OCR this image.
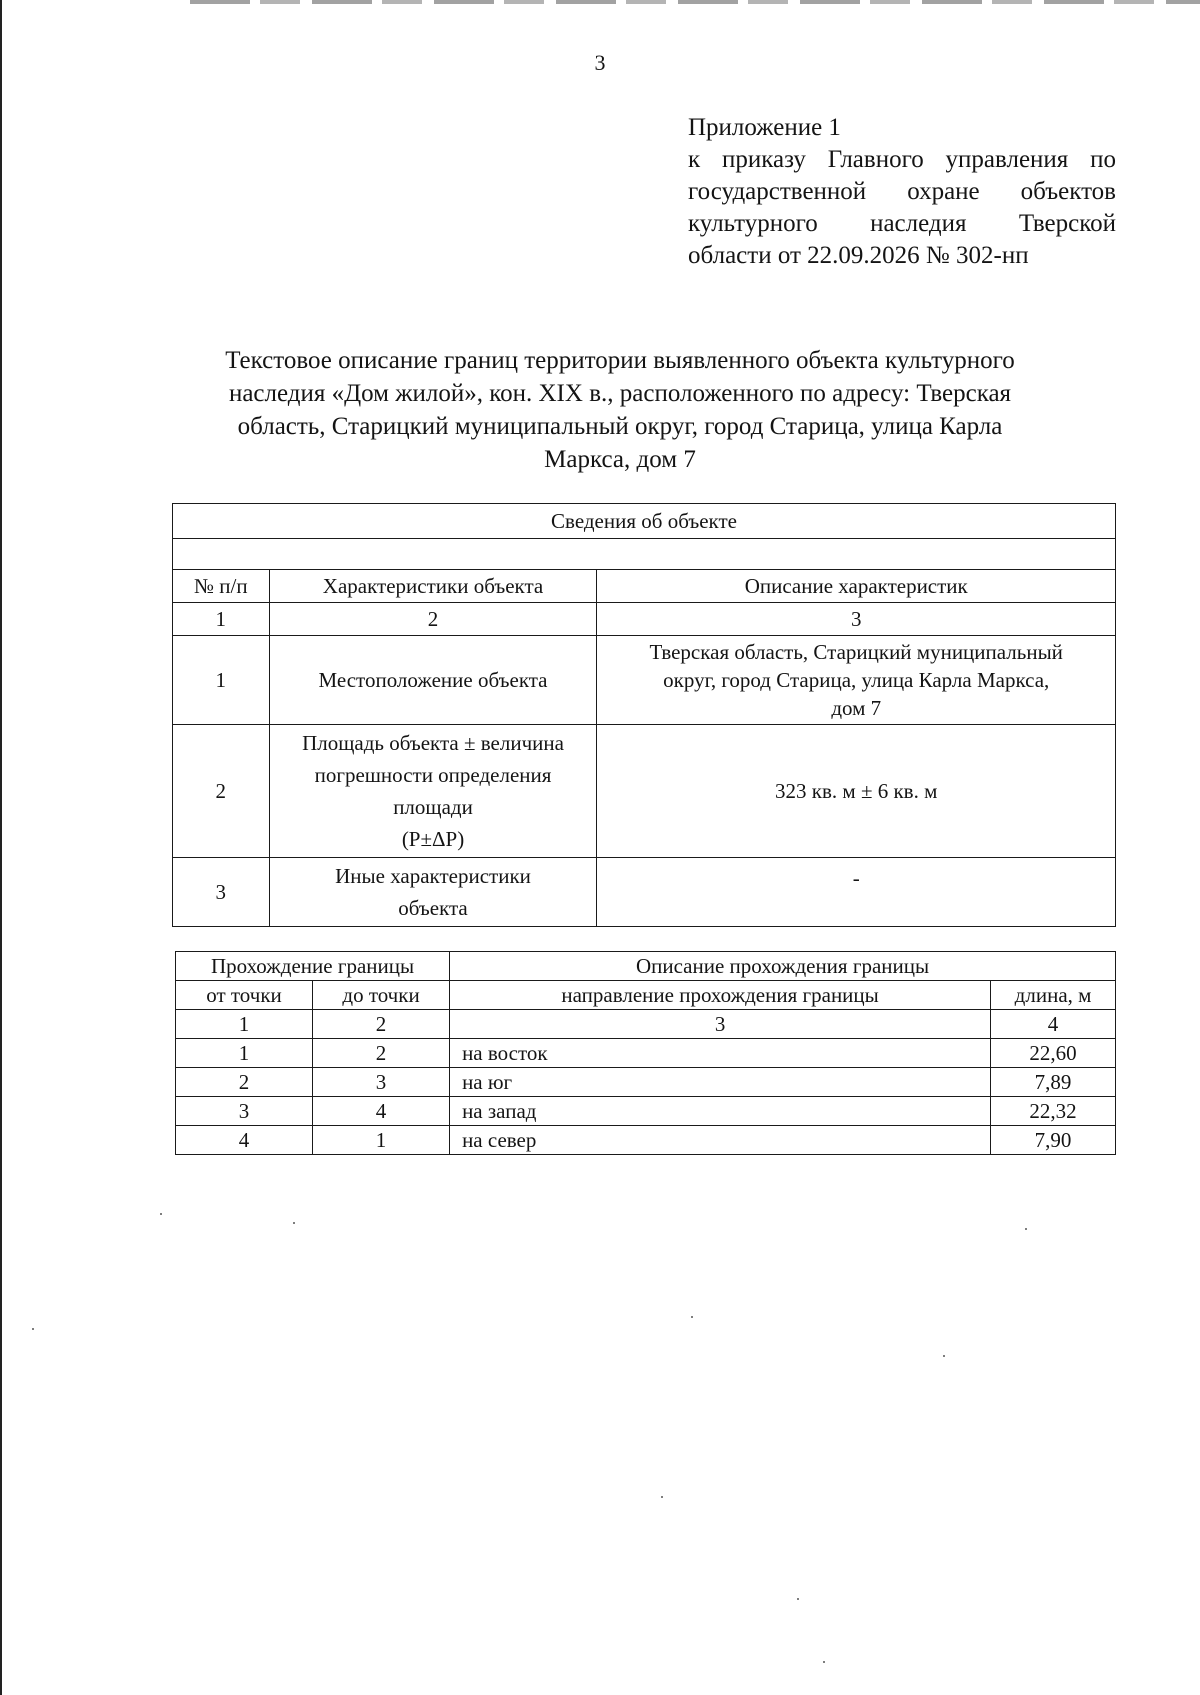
3
Приложение 1
к приказу Главного управления по
государственной охране объектов
культурного наследия Тверской
области от 22.09.2026 № 302-нп
Текстовое описание границ территории выявленного объекта культурного
наследия «Дом жилой», кон. XIX в., расположенного по адресу: Тверская
область, Старицкий муниципальный округ, город Старица, улица Карла
Маркса, дом 7
Сведения об объекте		

№ п/п	Характеристики объекта	Описание характеристик
1	2	3
1	Местоположение объекта	Тверская область, Старицкий муниципальный
округ, город Старица, улица Карла Маркса,
дом 7

2	Площадь объекта ± величина
погрешности определения
площади
(P±ΔP)	323 кв. м ± 6 кв. м

3	Иные характеристики
объекта	-
Прохождение границы		Описание прохождения границы	
от точки	до точки	направление прохождения границы	длина, м
1	2	3	4
1	2	на восток	22,60
2	3	на юг	7,89
3	4	на запад	22,32
4	1	на север	7,90
